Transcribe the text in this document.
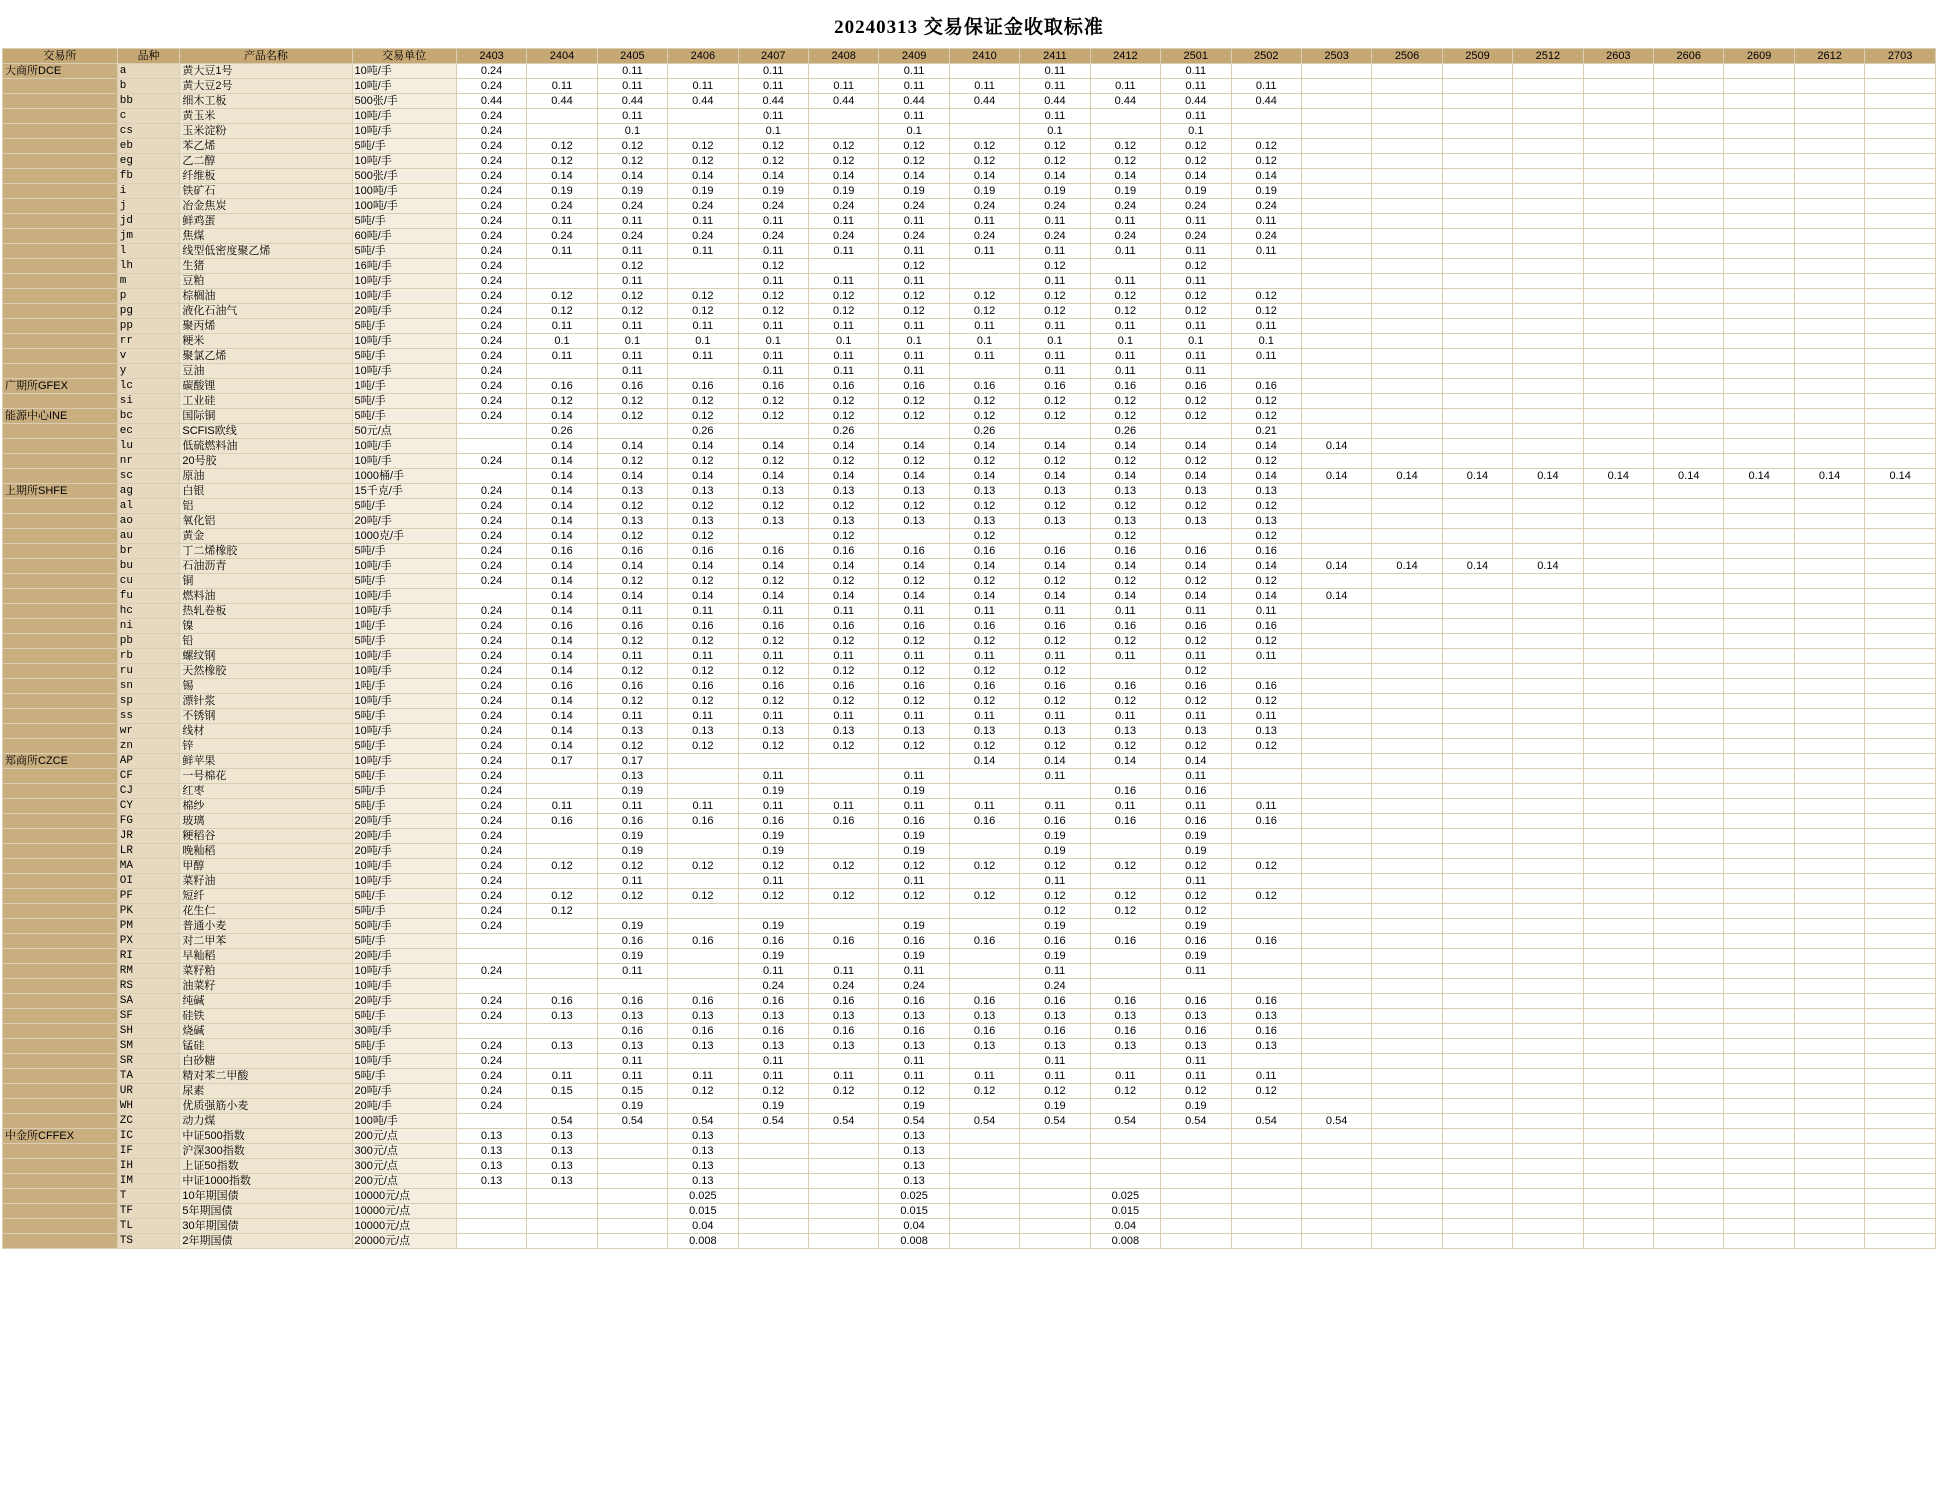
20240313 交易保证金收取标准
交易所	品种	产品名称	交易单位	2403	2404	2405	2406	2407	2408	2409	2410	2411	2412	2501	2502	2503	2506	2509	2512	2603	2606	2609	2612	2703
大商所DCE	a	黄大豆1号	10吨/手	0.24		0.11		0.11		0.11		0.11		0.11										
	b	黄大豆2号	10吨/手	0.24	0.11	0.11	0.11	0.11	0.11	0.11	0.11	0.11	0.11	0.11	0.11									
	bb	细木工板	500张/手	0.44	0.44	0.44	0.44	0.44	0.44	0.44	0.44	0.44	0.44	0.44	0.44									
	c	黄玉米	10吨/手	0.24		0.11		0.11		0.11		0.11		0.11										
	cs	玉米淀粉	10吨/手	0.24		0.1		0.1		0.1		0.1		0.1										
	eb	苯乙烯	5吨/手	0.24	0.12	0.12	0.12	0.12	0.12	0.12	0.12	0.12	0.12	0.12	0.12									
	eg	乙二醇	10吨/手	0.24	0.12	0.12	0.12	0.12	0.12	0.12	0.12	0.12	0.12	0.12	0.12									
	fb	纤维板	500张/手	0.24	0.14	0.14	0.14	0.14	0.14	0.14	0.14	0.14	0.14	0.14	0.14									
	i	铁矿石	100吨/手	0.24	0.19	0.19	0.19	0.19	0.19	0.19	0.19	0.19	0.19	0.19	0.19									
	j	冶金焦炭	100吨/手	0.24	0.24	0.24	0.24	0.24	0.24	0.24	0.24	0.24	0.24	0.24	0.24									
	jd	鲜鸡蛋	5吨/手	0.24	0.11	0.11	0.11	0.11	0.11	0.11	0.11	0.11	0.11	0.11	0.11									
	jm	焦煤	60吨/手	0.24	0.24	0.24	0.24	0.24	0.24	0.24	0.24	0.24	0.24	0.24	0.24									
	l	线型低密度聚乙烯	5吨/手	0.24	0.11	0.11	0.11	0.11	0.11	0.11	0.11	0.11	0.11	0.11	0.11									
	lh	生猪	16吨/手	0.24		0.12		0.12		0.12		0.12		0.12										
	m	豆粕	10吨/手	0.24		0.11		0.11	0.11	0.11		0.11	0.11	0.11										
	p	棕榈油	10吨/手	0.24	0.12	0.12	0.12	0.12	0.12	0.12	0.12	0.12	0.12	0.12	0.12									
	pg	液化石油气	20吨/手	0.24	0.12	0.12	0.12	0.12	0.12	0.12	0.12	0.12	0.12	0.12	0.12									
	pp	聚丙烯	5吨/手	0.24	0.11	0.11	0.11	0.11	0.11	0.11	0.11	0.11	0.11	0.11	0.11									
	rr	粳米	10吨/手	0.24	0.1	0.1	0.1	0.1	0.1	0.1	0.1	0.1	0.1	0.1	0.1									
	v	聚氯乙烯	5吨/手	0.24	0.11	0.11	0.11	0.11	0.11	0.11	0.11	0.11	0.11	0.11	0.11									
	y	豆油	10吨/手	0.24		0.11		0.11	0.11	0.11		0.11	0.11	0.11										
广期所GFEX	lc	碳酸锂	1吨/手	0.24	0.16	0.16	0.16	0.16	0.16	0.16	0.16	0.16	0.16	0.16	0.16									
	si	工业硅	5吨/手	0.24	0.12	0.12	0.12	0.12	0.12	0.12	0.12	0.12	0.12	0.12	0.12									
能源中心INE	bc	国际铜	5吨/手	0.24	0.14	0.12	0.12	0.12	0.12	0.12	0.12	0.12	0.12	0.12	0.12									
	ec	SCFIS欧线	50元/点		0.26		0.26		0.26		0.26		0.26		0.21									
	lu	低硫燃料油	10吨/手		0.14	0.14	0.14	0.14	0.14	0.14	0.14	0.14	0.14	0.14	0.14	0.14								
	nr	20号胶	10吨/手	0.24	0.14	0.12	0.12	0.12	0.12	0.12	0.12	0.12	0.12	0.12	0.12									
	sc	原油	1000桶/手		0.14	0.14	0.14	0.14	0.14	0.14	0.14	0.14	0.14	0.14	0.14	0.14	0.14	0.14	0.14	0.14	0.14	0.14	0.14	0.14
上期所SHFE	ag	白银	15千克/手	0.24	0.14	0.13	0.13	0.13	0.13	0.13	0.13	0.13	0.13	0.13	0.13									
	al	铝	5吨/手	0.24	0.14	0.12	0.12	0.12	0.12	0.12	0.12	0.12	0.12	0.12	0.12									
	ao	氧化铝	20吨/手	0.24	0.14	0.13	0.13	0.13	0.13	0.13	0.13	0.13	0.13	0.13	0.13									
	au	黄金	1000克/手	0.24	0.14	0.12	0.12		0.12		0.12		0.12		0.12									
	br	丁二烯橡胶	5吨/手	0.24	0.16	0.16	0.16	0.16	0.16	0.16	0.16	0.16	0.16	0.16	0.16									
	bu	石油沥青	10吨/手	0.24	0.14	0.14	0.14	0.14	0.14	0.14	0.14	0.14	0.14	0.14	0.14	0.14	0.14	0.14	0.14					
	cu	铜	5吨/手	0.24	0.14	0.12	0.12	0.12	0.12	0.12	0.12	0.12	0.12	0.12	0.12									
	fu	燃料油	10吨/手		0.14	0.14	0.14	0.14	0.14	0.14	0.14	0.14	0.14	0.14	0.14	0.14								
	hc	热轧卷板	10吨/手	0.24	0.14	0.11	0.11	0.11	0.11	0.11	0.11	0.11	0.11	0.11	0.11									
	ni	镍	1吨/手	0.24	0.16	0.16	0.16	0.16	0.16	0.16	0.16	0.16	0.16	0.16	0.16									
	pb	铅	5吨/手	0.24	0.14	0.12	0.12	0.12	0.12	0.12	0.12	0.12	0.12	0.12	0.12									
	rb	螺纹钢	10吨/手	0.24	0.14	0.11	0.11	0.11	0.11	0.11	0.11	0.11	0.11	0.11	0.11									
	ru	天然橡胶	10吨/手	0.24	0.14	0.12	0.12	0.12	0.12	0.12	0.12	0.12		0.12										
	sn	锡	1吨/手	0.24	0.16	0.16	0.16	0.16	0.16	0.16	0.16	0.16	0.16	0.16	0.16									
	sp	漂针浆	10吨/手	0.24	0.14	0.12	0.12	0.12	0.12	0.12	0.12	0.12	0.12	0.12	0.12									
	ss	不锈钢	5吨/手	0.24	0.14	0.11	0.11	0.11	0.11	0.11	0.11	0.11	0.11	0.11	0.11									
	wr	线材	10吨/手	0.24	0.14	0.13	0.13	0.13	0.13	0.13	0.13	0.13	0.13	0.13	0.13									
	zn	锌	5吨/手	0.24	0.14	0.12	0.12	0.12	0.12	0.12	0.12	0.12	0.12	0.12	0.12									
郑商所CZCE	AP	鲜苹果	10吨/手	0.24	0.17	0.17					0.14	0.14	0.14	0.14										
	CF	一号棉花	5吨/手	0.24		0.13		0.11		0.11		0.11		0.11										
	CJ	红枣	5吨/手	0.24		0.19		0.19		0.19			0.16	0.16										
	CY	棉纱	5吨/手	0.24	0.11	0.11	0.11	0.11	0.11	0.11	0.11	0.11	0.11	0.11	0.11									
	FG	玻璃	20吨/手	0.24	0.16	0.16	0.16	0.16	0.16	0.16	0.16	0.16	0.16	0.16	0.16									
	JR	粳稻谷	20吨/手	0.24		0.19		0.19		0.19		0.19		0.19										
	LR	晚籼稻	20吨/手	0.24		0.19		0.19		0.19		0.19		0.19										
	MA	甲醇	10吨/手	0.24	0.12	0.12	0.12	0.12	0.12	0.12	0.12	0.12	0.12	0.12	0.12									
	OI	菜籽油	10吨/手	0.24		0.11		0.11		0.11		0.11		0.11										
	PF	短纤	5吨/手	0.24	0.12	0.12	0.12	0.12	0.12	0.12	0.12	0.12	0.12	0.12	0.12									
	PK	花生仁	5吨/手	0.24	0.12							0.12	0.12	0.12										
	PM	普通小麦	50吨/手	0.24		0.19		0.19		0.19		0.19		0.19										
	PX	对二甲苯	5吨/手			0.16	0.16	0.16	0.16	0.16	0.16	0.16	0.16	0.16	0.16									
	RI	早籼稻	20吨/手			0.19		0.19		0.19		0.19		0.19										
	RM	菜籽粕	10吨/手	0.24		0.11		0.11	0.11	0.11		0.11		0.11										
	RS	油菜籽	10吨/手					0.24	0.24	0.24		0.24												
	SA	纯碱	20吨/手	0.24	0.16	0.16	0.16	0.16	0.16	0.16	0.16	0.16	0.16	0.16	0.16									
	SF	硅铁	5吨/手	0.24	0.13	0.13	0.13	0.13	0.13	0.13	0.13	0.13	0.13	0.13	0.13									
	SH	烧碱	30吨/手			0.16	0.16	0.16	0.16	0.16	0.16	0.16	0.16	0.16	0.16									
	SM	锰硅	5吨/手	0.24	0.13	0.13	0.13	0.13	0.13	0.13	0.13	0.13	0.13	0.13	0.13									
	SR	白砂糖	10吨/手	0.24		0.11		0.11		0.11		0.11		0.11										
	TA	精对苯二甲酸	5吨/手	0.24	0.11	0.11	0.11	0.11	0.11	0.11	0.11	0.11	0.11	0.11	0.11									
	UR	尿素	20吨/手	0.24	0.15	0.15	0.12	0.12	0.12	0.12	0.12	0.12	0.12	0.12	0.12									
	WH	优质强筋小麦	20吨/手	0.24		0.19		0.19		0.19		0.19		0.19										
	ZC	动力煤	100吨/手		0.54	0.54	0.54	0.54	0.54	0.54	0.54	0.54	0.54	0.54	0.54	0.54								
中金所CFFEX	IC	中证500指数	200元/点	0.13	0.13		0.13			0.13														
	IF	沪深300指数	300元/点	0.13	0.13		0.13			0.13														
	IH	上证50指数	300元/点	0.13	0.13		0.13			0.13														
	IM	中证1000指数	200元/点	0.13	0.13		0.13			0.13														
	T	10年期国债	10000元/点				0.025			0.025			0.025											
	TF	5年期国债	10000元/点				0.015			0.015			0.015											
	TL	30年期国债	10000元/点				0.04			0.04			0.04											
	TS	2年期国债	20000元/点				0.008			0.008			0.008											
